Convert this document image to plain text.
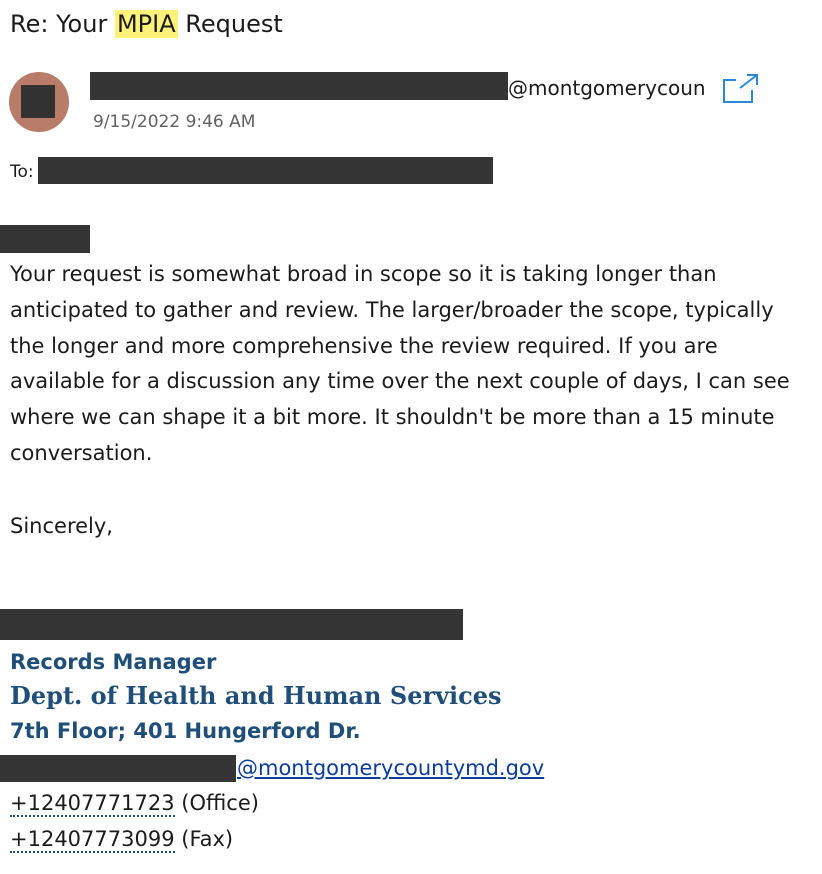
Re: Your MPIA Request
@montgomerycoun
9/15/2022 9:46 AM
To:

Your request is somewhat broad in scope so it is taking longer than anticipated to gather and review. The larger/broader the scope, typically the longer and more comprehensive the review required. If you are available for a discussion any time over the next couple of days, I can see where we can shape it a bit more. It shouldn't be more than a 15 minute conversation.

Sincerely,
Records Manager
Dept. of Health and Human Services
7th Floor; 401 Hungerford Dr.
@montgomerycountymd.gov
+12407771723 (Office)
+12407773099 (Fax)
